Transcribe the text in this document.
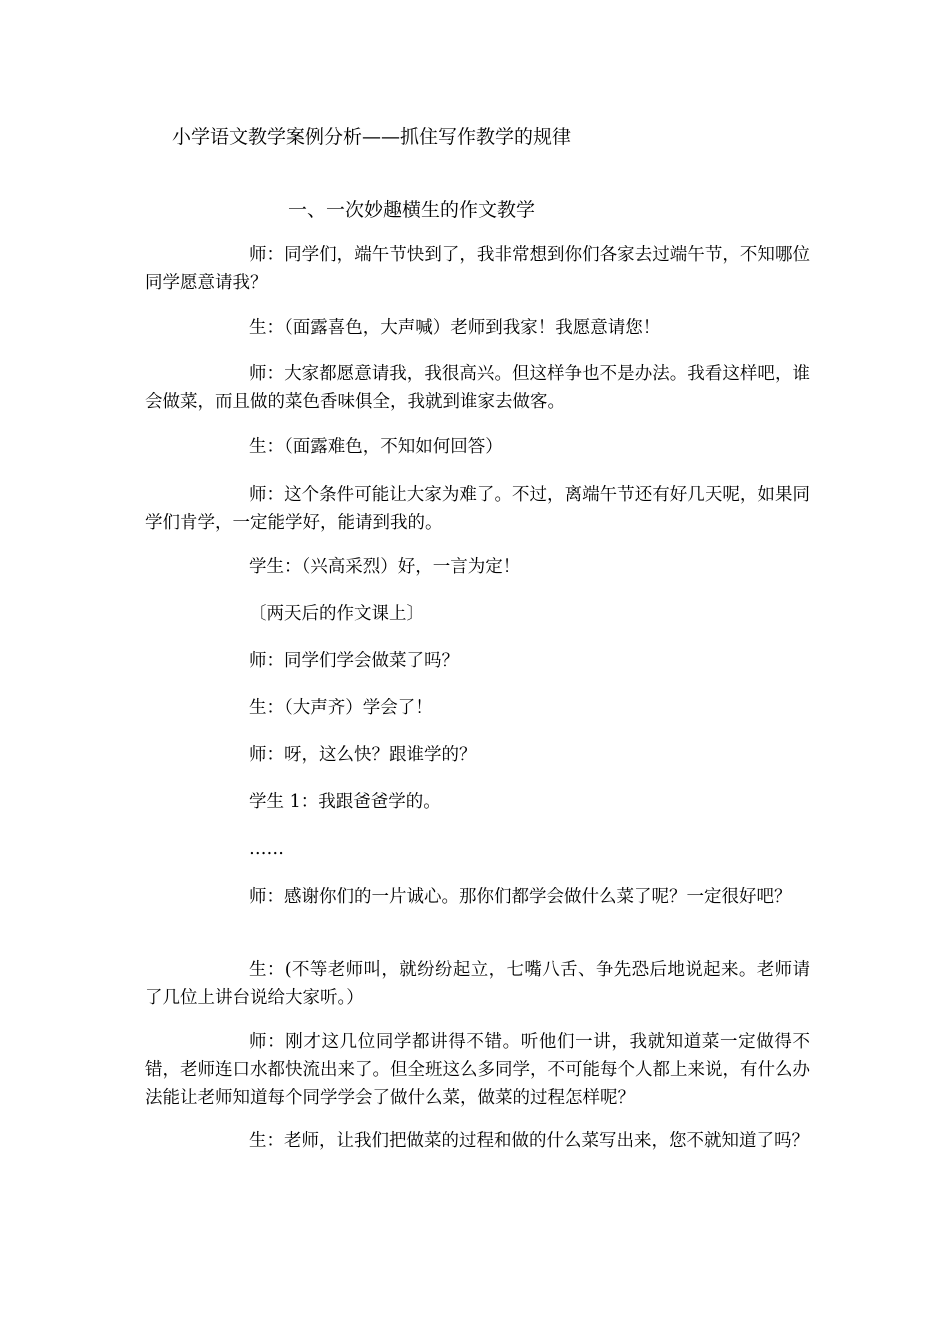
小学语文教学案例分析——抓住写作教学的规律
一、一次妙趣横生的作文教学

师：同学们，端午节快到了，我非常想到你们各家去过端午节，不知哪位同学愿意请我？

生：（面露喜色，大声喊）老师到我家！我愿意请您！

师：大家都愿意请我，我很高兴。但这样争也不是办法。我看这样吧，谁会做菜，而且做的菜色香味俱全，我就到谁家去做客。

生：（面露难色，不知如何回答）

师：这个条件可能让大家为难了。不过，离端午节还有好几天呢，如果同学们肯学，一定能学好，能请到我的。

学生：（兴高采烈）好，一言为定！

〔两天后的作文课上〕

师：同学们学会做菜了吗？

生：（大声齐）学会了！

师：呀，这么快？跟谁学的？

学生 1：我跟爸爸学的。

……

师：感谢你们的一片诚心。那你们都学会做什么菜了呢？一定很好吧？

生：(不等老师叫，就纷纷起立，七嘴八舌、争先恐后地说起来。老师请了几位上讲台说给大家听。）

师：刚才这几位同学都讲得不错。听他们一讲，我就知道菜一定做得不错，老师连口水都快流出来了。但全班这么多同学，不可能每个人都上来说，有什么办法能让老师知道每个同学学会了做什么菜，做菜的过程怎样呢？

生：老师，让我们把做菜的过程和做的什么菜写出来，您不就知道了吗？
